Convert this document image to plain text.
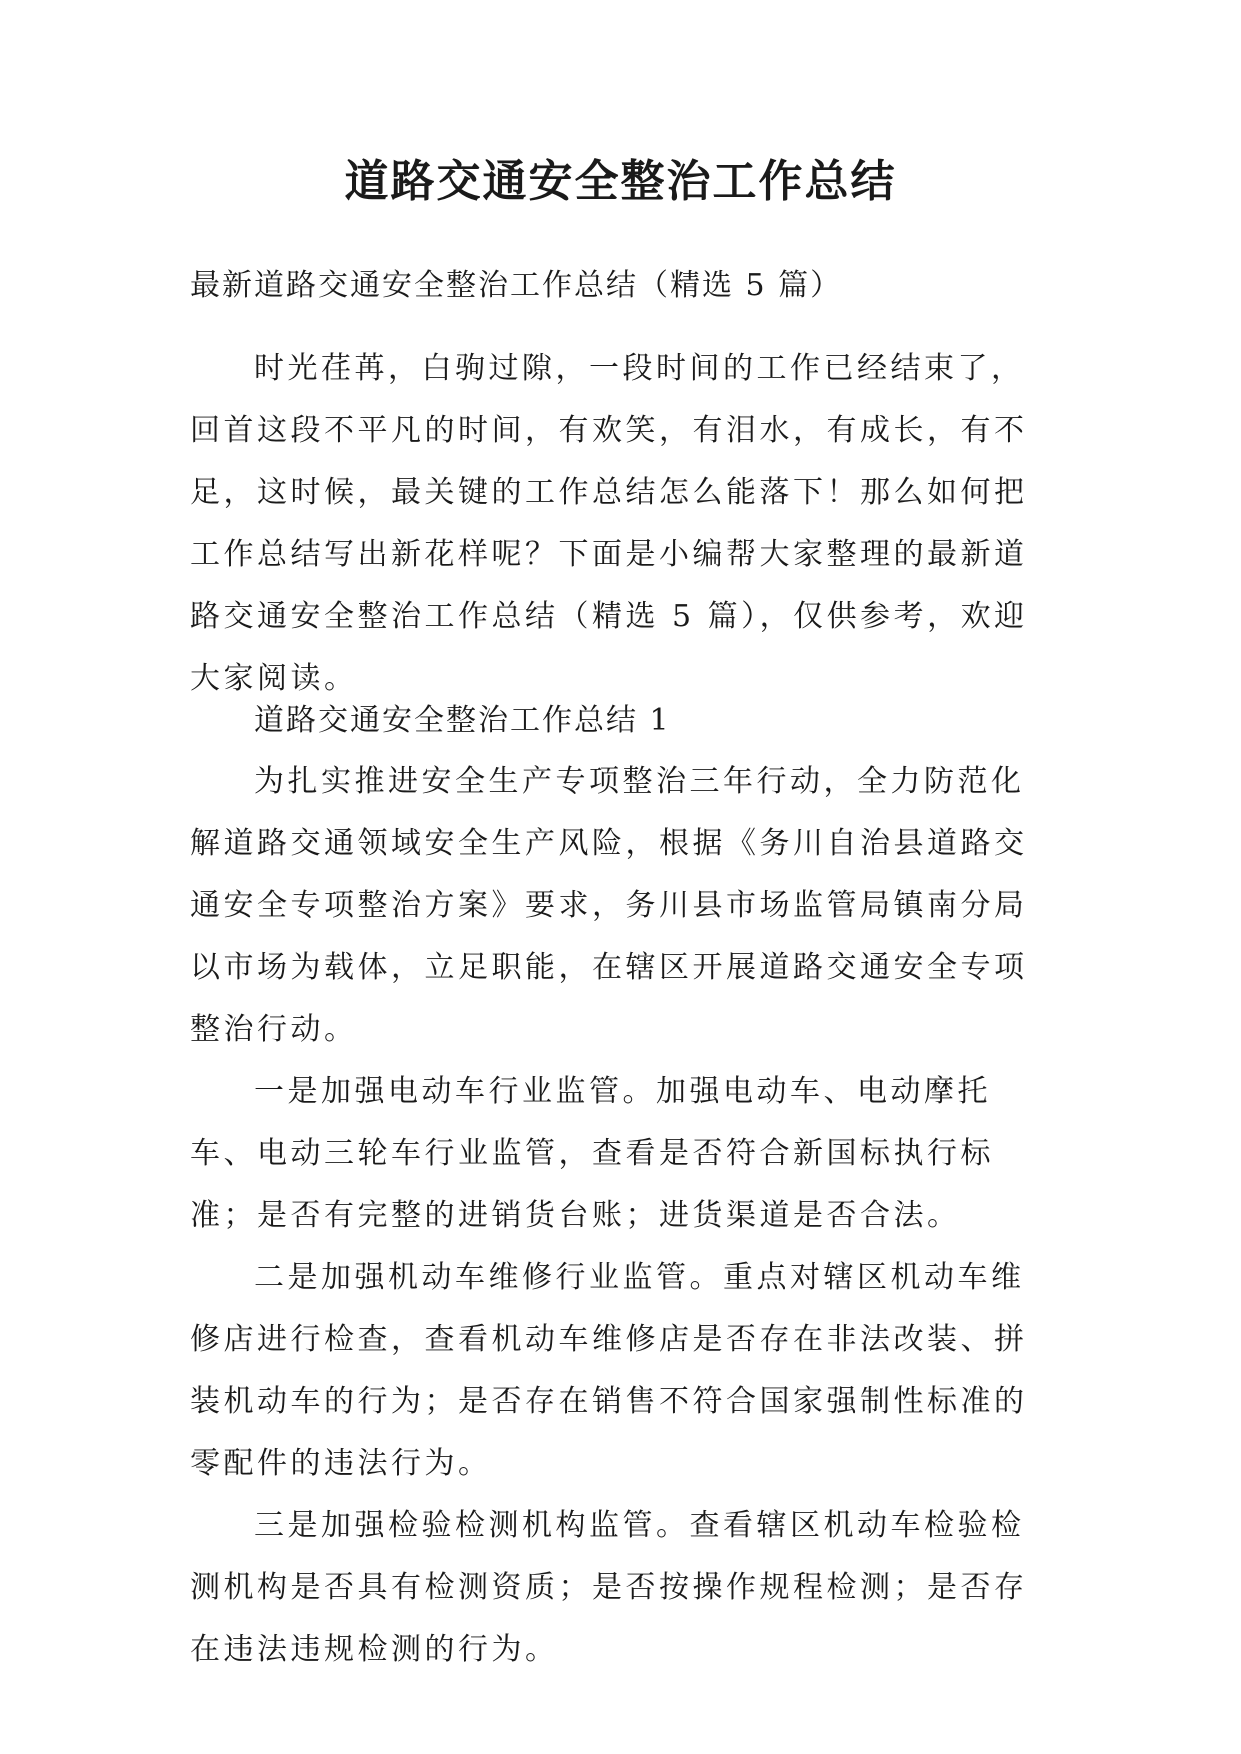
道路交通安全整治工作总结
最新道路交通安全整治工作总结（精选 5 篇）

时光荏苒，白驹过隙，一段时间的工作已经结束了，回首这段不平凡的时间，有欢笑，有泪水，有成长，有不足，这时候，最关键的工作总结怎么能落下！那么如何把工作总结写出新花样呢？下面是小编帮大家整理的最新道路交通安全整治工作总结（精选 5 篇），仅供参考，欢迎大家阅读。

道路交通安全整治工作总结 1

为扎实推进安全生产专项整治三年行动，全力防范化解道路交通领域安全生产风险，根据《务川自治县道路交通安全专项整治方案》要求，务川县市场监管局镇南分局以市场为载体，立足职能，在辖区开展道路交通安全专项整治行动。

一是加强电动车行业监管。加强电动车、电动摩托车、电动三轮车行业监管，查看是否符合新国标执行标准；是否有完整的进销货台账；进货渠道是否合法。

二是加强机动车维修行业监管。重点对辖区机动车维修店进行检查，查看机动车维修店是否存在非法改装、拼装机动车的行为；是否存在销售不符合国家强制性标准的零配件的违法行为。

三是加强检验检测机构监管。查看辖区机动车检验检测机构是否具有检测资质；是否按操作规程检测；是否存在违法违规检测的行为。
